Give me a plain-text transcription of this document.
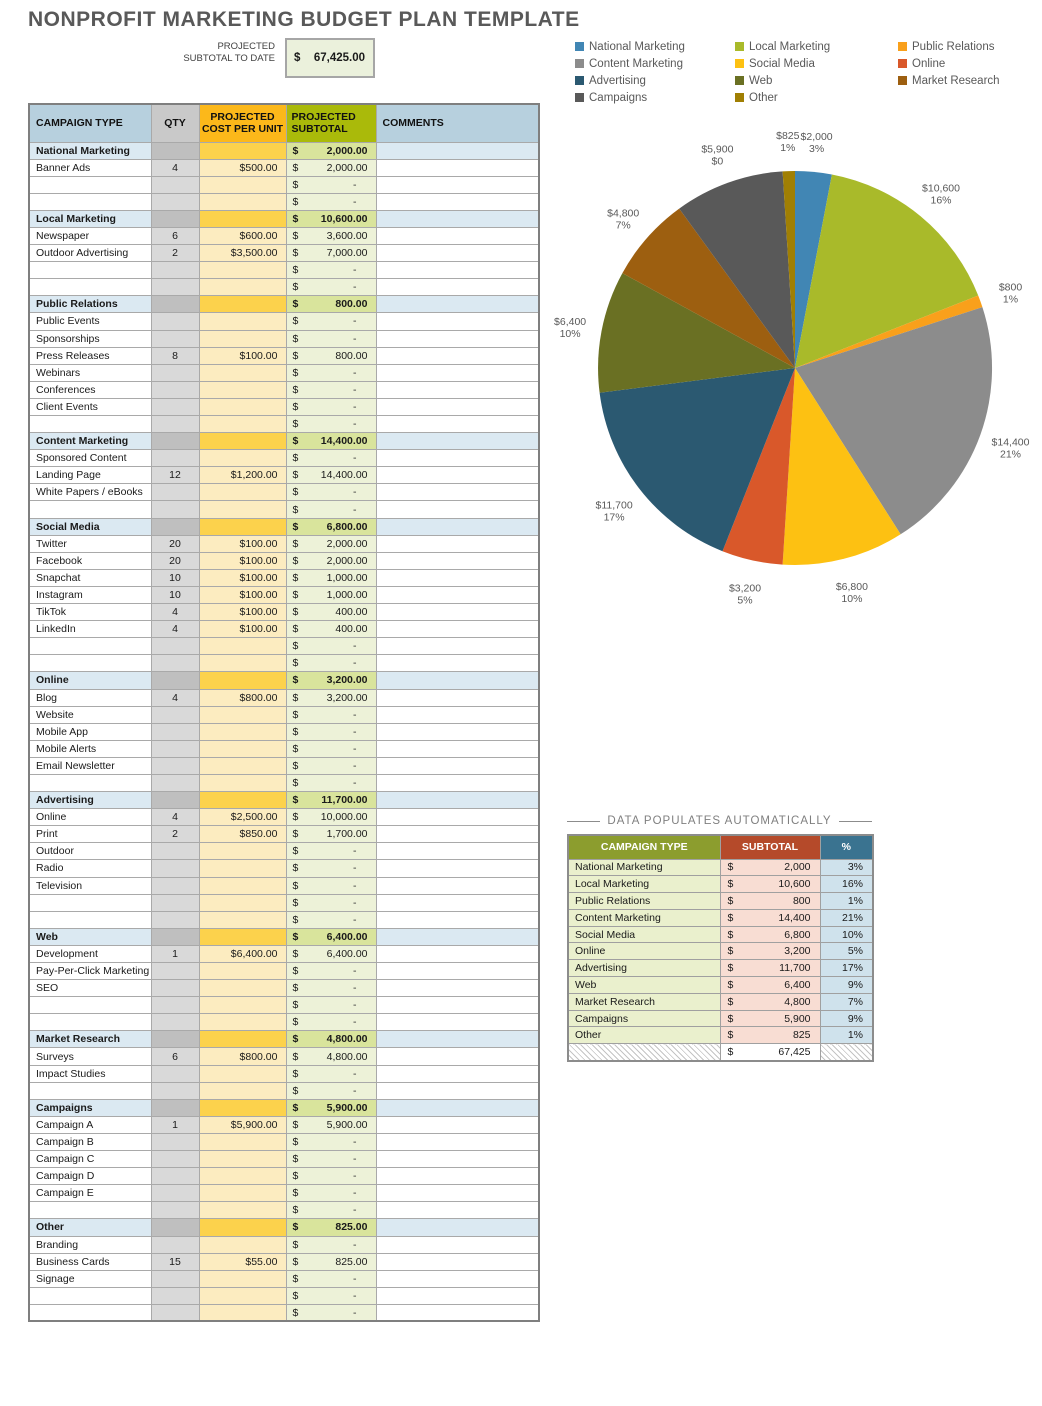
NONPROFIT MARKETING BUDGET PLAN TEMPLATE
PROJECTED SUBTOTAL TO DATE $ 67,425.00
CAMPAIGN TYPE	QTY	PROJECTED COST PER UNIT	PROJECTED SUBTOTAL	COMMENTS
National Marketing			$ 2,000.00	

Banner Ads	4	$500.00	$ 2,000.00	

			$ -	

			$ -	

Local Marketing			$ 10,600.00	

Newspaper	6	$600.00	$ 3,600.00	

Outdoor Advertising	2	$3,500.00	$ 7,000.00	

			$ -	

			$ -	

Public Relations			$ 800.00	

Public Events			$ -	

Sponsorships			$ -	

Press Releases	8	$100.00	$ 800.00	

Webinars			$ -	

Conferences			$ -	

Client Events			$ -	

			$ -	

Content Marketing			$ 14,400.00	

Sponsored Content			$ -	

Landing Page	12	$1,200.00	$ 14,400.00	

White Papers / eBooks			$ -	

			$ -	

Social Media			$ 6,800.00	

Twitter	20	$100.00	$ 2,000.00	

Facebook	20	$100.00	$ 2,000.00	

Snapchat	10	$100.00	$ 1,000.00	

Instagram	10	$100.00	$ 1,000.00	

TikTok	4	$100.00	$ 400.00	

LinkedIn	4	$100.00	$ 400.00	

			$ -	

			$ -	

Online			$ 3,200.00	

Blog	4	$800.00	$ 3,200.00	

Website			$ -	

Mobile App			$ -	

Mobile Alerts			$ -	

Email Newsletter			$ -	

			$ -	

Advertising			$ 11,700.00	

Online	4	$2,500.00	$ 10,000.00	

Print	2	$850.00	$ 1,700.00	

Outdoor			$ -	

Radio			$ -	

Television			$ -	

			$ -	

			$ -	

Web			$ 6,400.00	

Development	1	$6,400.00	$ 6,400.00	

Pay-Per-Click Marketing			$ -	

SEO			$ -	

			$ -	

			$ -	

Market Research			$ 4,800.00	

Surveys	6	$800.00	$ 4,800.00	

Impact Studies			$ -	

			$ -	

Campaigns			$ 5,900.00	

Campaign A	1	$5,900.00	$ 5,900.00	

Campaign B			$ -	

Campaign C			$ -	

Campaign D			$ -	

Campaign E			$ -	

			$ -	

Other			$ 825.00	

Branding			$ -	

Business Cards	15	$55.00	$ 825.00	

Signage			$ -	

			$ -	

			$ -	

National Marketing
Content Marketing
Advertising
Campaigns
Local Marketing
Social Media
Web
Other
Public Relations
Online
Market Research
$2,000 3%
$10,600 16%
$800 1%
$14,400 21%
$6,800 10%
$3,200 5%
$11,700 17%
$6,400 10%
$4,800 7%
$5,900 $0
$825 1%
DATA POPULATES AUTOMATICALLY
CAMPAIGN TYPE	SUBTOTAL	%
National Marketing	$ 2,000	3%
Local Marketing	$ 10,600	16%
Public Relations	$ 800	1%
Content Marketing	$ 14,400	21%
Social Media	$ 6,800	10%
Online	$ 3,200	5%
Advertising	$ 11,700	17%
Web	$ 6,400	9%
Market Research	$ 4,800	7%
Campaigns	$ 5,900	9%
Other	$ 825	1%

	$ 67,425	
